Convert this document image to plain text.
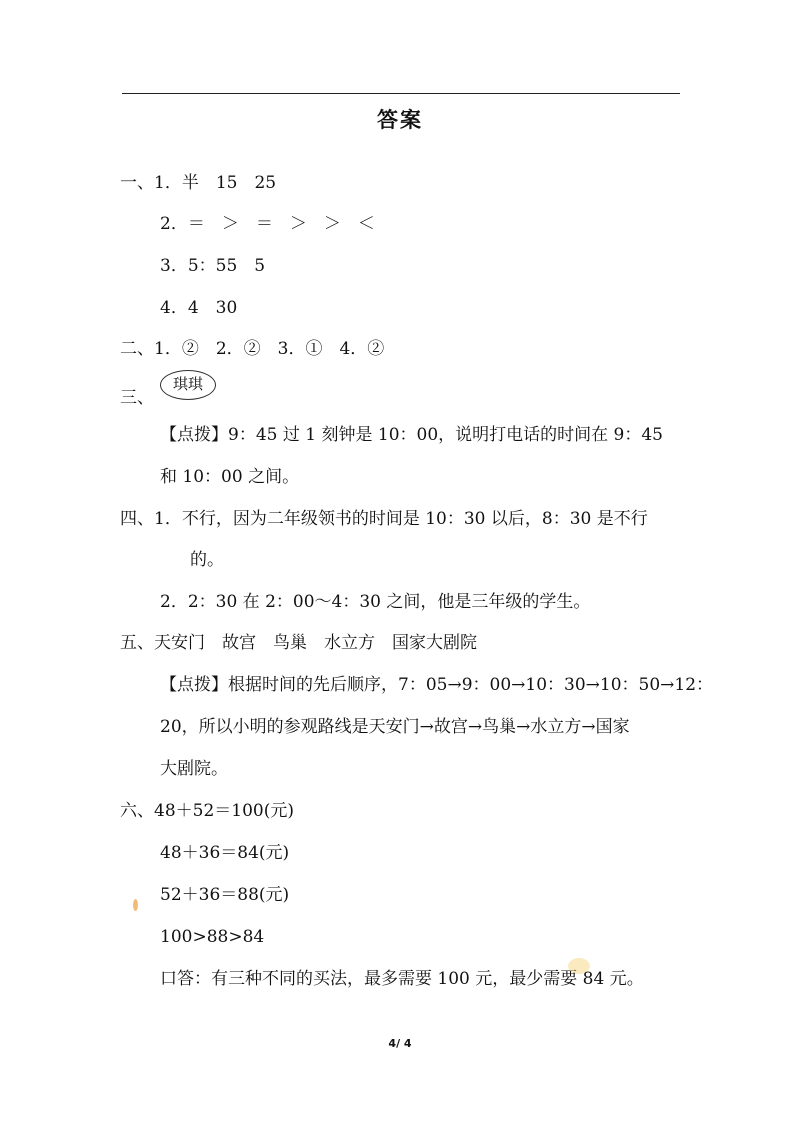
答案
一、1．半　15　25
2．＝　＞　＝　＞　＞　＜
3．5：55　5
4．4　30
二、1．②　2．②　3．①　4．②
三、
琪琪
【点拨】9：45 过 1 刻钟是 10：00，说明打电话的时间在 9：45
和 10：00 之间。
四、1．不行，因为二年级领书的时间是 10：30 以后，8：30 是不行
的。
2．2：30 在 2：00～4：30 之间，他是三年级的学生。
五、天安门　故宫　鸟巢　水立方　国家大剧院
【点拨】根据时间的先后顺序，7：05→9：00→10：30→10：50→12：
20，所以小明的参观路线是天安门→故宫→鸟巢→水立方→国家
大剧院。
六、48＋52＝100(元)
48＋36＝84(元)
52＋36＝88(元)
100>88>84
口答：有三种不同的买法，最多需要 100 元，最少需要 84 元。
4/ 4
